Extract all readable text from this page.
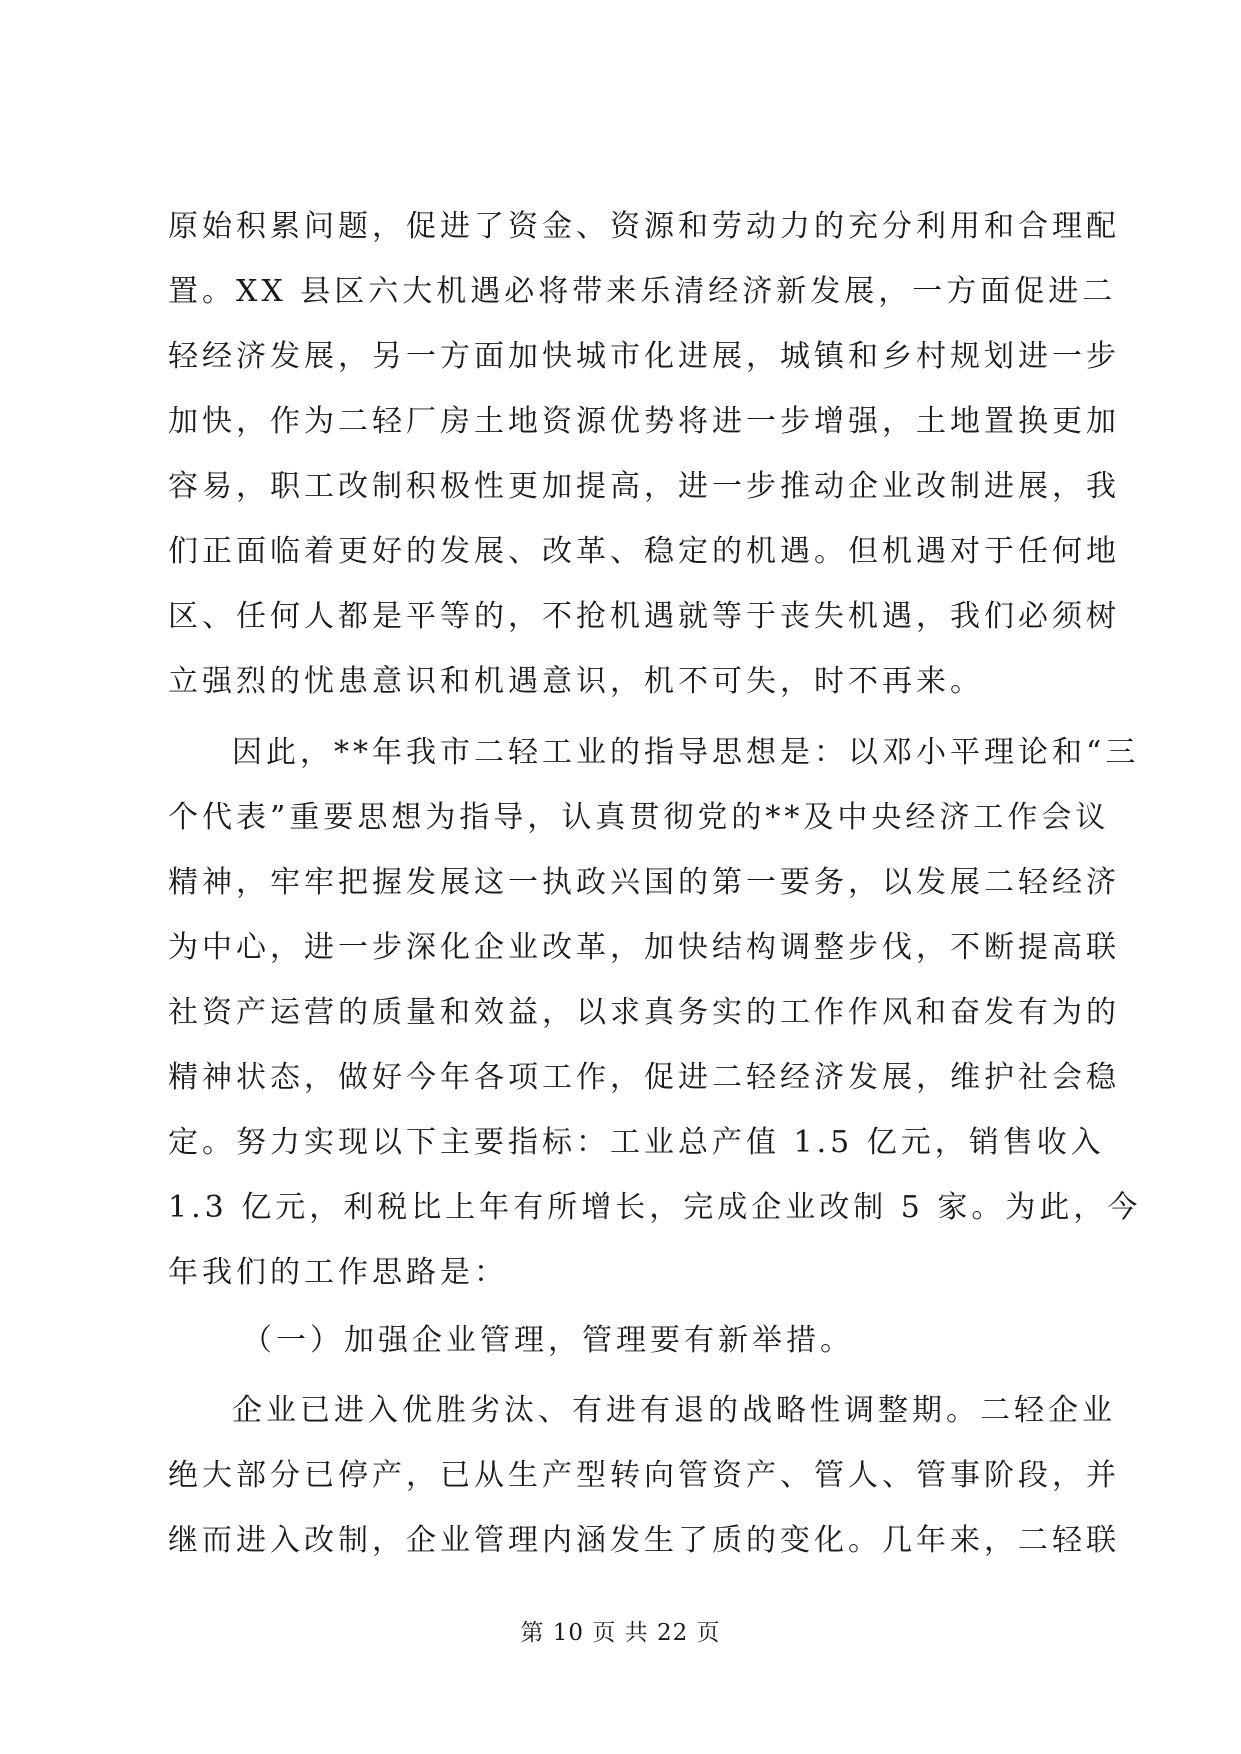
原始积累问题，促进了资金、资源和劳动力的充分利用和合理配
置。XX 县区六大机遇必将带来乐清经济新发展，一方面促进二
轻经济发展，另一方面加快城市化进展，城镇和乡村规划进一步
加快，作为二轻厂房土地资源优势将进一步增强，土地置换更加
容易，职工改制积极性更加提高，进一步推动企业改制进展，我
们正面临着更好的发展、改革、稳定的机遇。但机遇对于任何地
区、任何人都是平等的，不抢机遇就等于丧失机遇，我们必须树
立强烈的忧患意识和机遇意识，机不可失，时不再来。
因此，**年我市二轻工业的指导思想是：以邓小平理论和“三
个代表”重要思想为指导，认真贯彻党的**及中央经济工作会议
精神，牢牢把握发展这一执政兴国的第一要务，以发展二轻经济
为中心，进一步深化企业改革，加快结构调整步伐，不断提高联
社资产运营的质量和效益，以求真务实的工作作风和奋发有为的
精神状态，做好今年各项工作，促进二轻经济发展，维护社会稳
定。努力实现以下主要指标：工业总产值 1.5 亿元，销售收入
1.3 亿元，利税比上年有所增长，完成企业改制 5 家。为此，今
年我们的工作思路是：
（一）加强企业管理，管理要有新举措。
企业已进入优胜劣汰、有进有退的战略性调整期。二轻企业
绝大部分已停产，已从生产型转向管资产、管人、管事阶段，并
继而进入改制，企业管理内涵发生了质的变化。几年来，二轻联
第 10 页 共 22 页
